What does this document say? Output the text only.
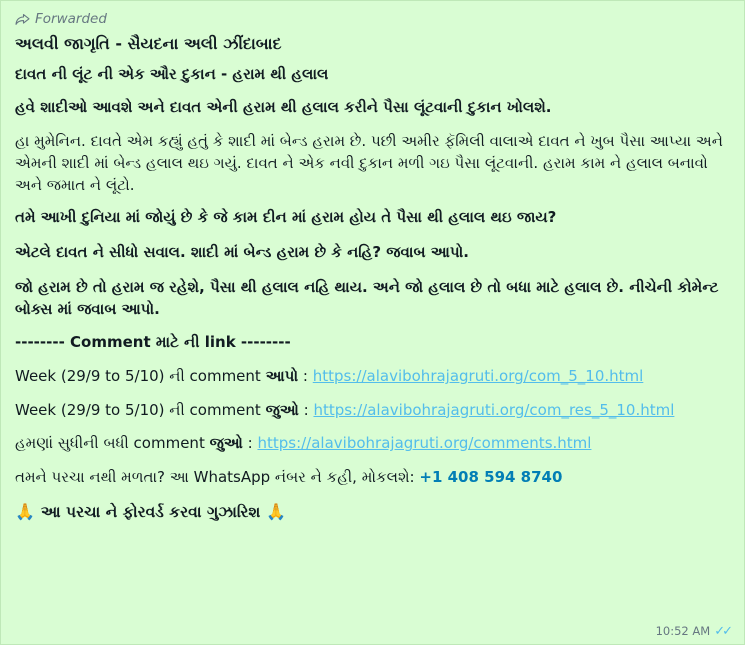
Forwarded
અલવી જાગૃતિ - સૈયદના અલી ઝીંદાબાદ
દાવત ની લૂંટ ની એક ઔર દુકાન - હરામ થી હલાલ
હવે શાદીઓ આવશે અને દાવત એની હરામ થી હલાલ કરીને પૈસા લૂંટવાની દુકાન ખોલશે.
હા મુમેનિન. દાવતે એમ કહ્યું હતું કે શાદી માં બેન્ડ હરામ છે. પછી અમીર ફૅમિલી વાલાએ દાવત ને ખુબ પૈસા આપ્યા અને એમની શાદી માં બેન્ડ હલાલ થઇ ગયું. દાવત ને એક નવી દુકાન મળી ગઇ પૈસા લૂંટવાની. હરામ કામ ને હલાલ બનાવો અને જમાત ને લૂંટો.
તમે આખી દુનિયા માં જોયું છે કે જે કામ દીન માં હરામ હોય તે પૈસા થી હલાલ થઇ જાય?
એટલે દાવત ને સીધો સવાલ. શાદી માં બેન્ડ હરામ છે કે નહિ? જવાબ આપો.
જો હરામ છે તો હરામ જ રહેશે, પૈસા થી હલાલ નહિ થાય. અને જો હલાલ છે તો બધા માટે હલાલ છે. નીચેની કોમેન્ટ બોક્સ માં જવાબ આપો.
-------- Comment માટે ની link --------
Week (29/9 to 5/10) ની comment આપો : https://alavibohrajagruti.org/com_5_10.html
Week (29/9 to 5/10) ની comment જુઓ : https://alavibohrajagruti.org/com_res_5_10.html
હમણાં સુધીની બધી comment જુઓ : https://alavibohrajagruti.org/comments.html
તમને પરચા નથી મળતા? આ WhatsApp નંબર ને કહી, મોકલશે: +1 408 594 8740
🙏 આ પરચા ને ફોરવર્ડ કરવા ગુઝારિશ 🙏
10:52 AM ✓✓
